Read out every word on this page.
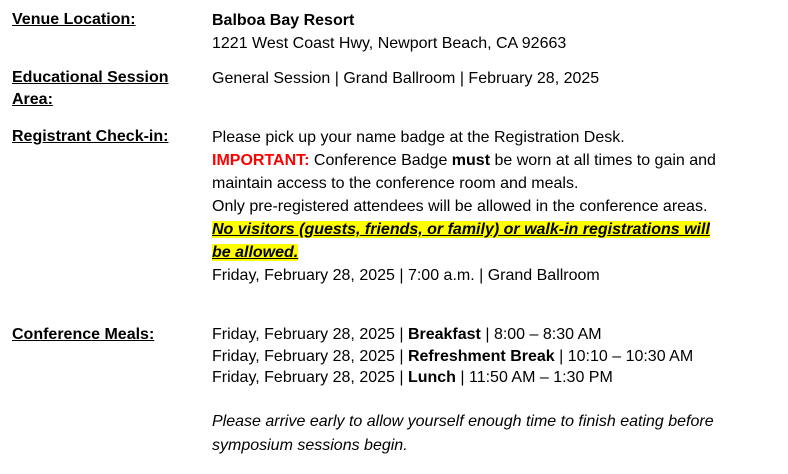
Venue Location:	Balboa Bay Resort
1221 West Coast Hwy, Newport Beach, CA 92663
Educational Session Area:
General Session | Grand Ballroom | February 28, 2025
Registrant Check-in:	Please pick up your name badge at the Registration Desk.
IMPORTANT: Conference Badge must be worn at all times to gain and
maintain access to the conference room and meals.
Only pre-registered attendees will be allowed in the conference areas.
No visitors (guests, friends, or family) or walk-in registrations will be allowed.
Friday, February 28, 2025 | 7:00 a.m. | Grand Ballroom
Conference Meals:	Friday, February 28, 2025 | Breakfast | 8:00 – 8:30 AM
Friday, February 28, 2025 | Refreshment Break | 10:10 – 10:30 AM
Friday, February 28, 2025 | Lunch | 11:50 AM – 1:30 PM
Please arrive early to allow yourself enough time to finish eating before symposium sessions begin.
